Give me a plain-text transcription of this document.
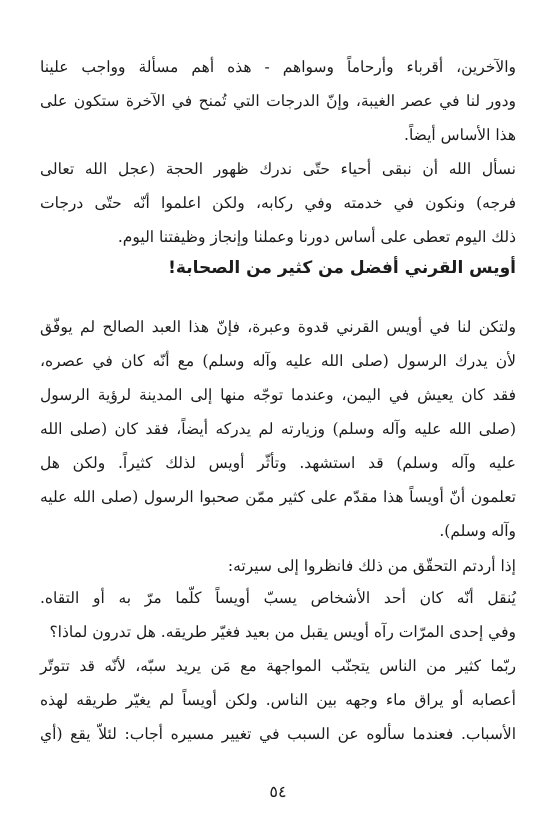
والآخرين، أقرباء وأرحاماً وسواهم - هذه أهم مسألة وواجب علينا
ودور لنا في عصر الغيبة، وإنّ الدرجات التي تُمنح في الآخرة ستكون على
هذا الأساس أيضاً.

نسأل الله أن نبقى أحياء حتّى ندرك ظهور الحجة (عجل الله تعالى
فرجه) ونكون في خدمته وفي ركابه، ولكن اعلموا أنّه حتّى درجات
ذلك اليوم تعطى على أساس دورنا وعملنا وإنجاز وظيفتنا اليوم.

أويس القرني أفضل من كثير من الصحابة!

ولتكن لنا في أويس القرني قدوة وعبرة، فإنّ هذا العبد الصالح لم يوفّق
لأن يدرك الرسول (صلى الله عليه وآله وسلم) مع أنّه كان في عصره،
فقد كان يعيش في اليمن، وعندما توجّه منها إلى المدينة لرؤية الرسول
(صلى الله عليه وآله وسلم) وزيارته لم يدركه أيضاً، فقد كان (صلى الله
عليه وآله وسلم) قد استشهد. وتأثّر أويس لذلك كثيراً. ولكن هل
تعلمون أنّ أويساً هذا مقدّم على كثير ممّن صحبوا الرسول (صلى الله عليه
وآله وسلم).

إذا أردتم التحقّق من ذلك فانظروا إلى سيرته:

يُنقل أنّه كان أحد الأشخاص يسبّ أويساً كلّما مرّ به أو التقاه.
وفي إحدى المرّات رآه أويس يقبل من بعيد فغيّر طريقه. هل تدرون لماذا؟

ربّما كثير من الناس يتجنّب المواجهة مع مَن يريد سبّه، لأنّه قد تتوتّر
أعصابه أو يراق ماء وجهه بين الناس. ولكن أويساً لم يغيّر طريقه لهذه
الأسباب. فعندما سألوه عن السبب في تغيير مسيره أجاب: لئلاّ يقع (أي

٥٤
